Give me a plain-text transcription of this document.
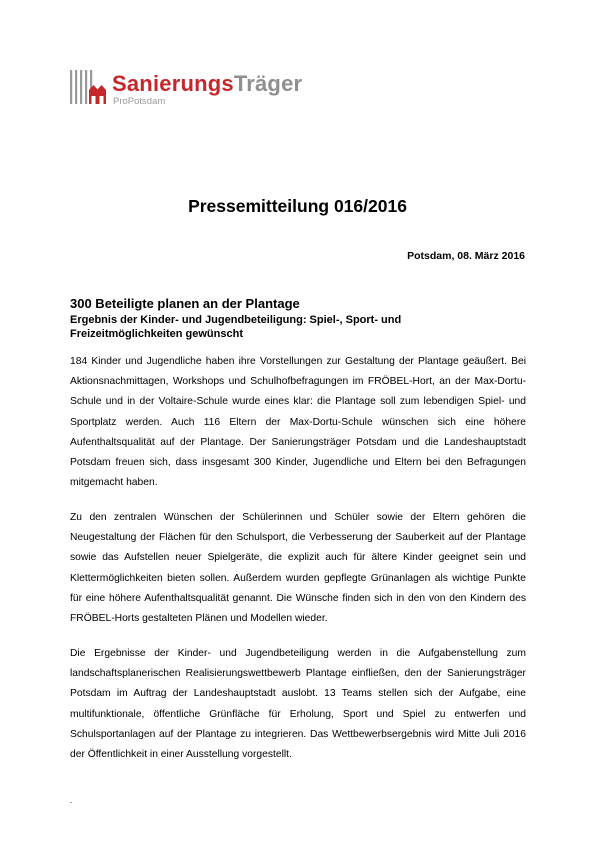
SanierungsTräger
ProPotsdam
Pressemitteilung 016/2016

Potsdam, 08. März 2016

300 Beteiligte planen an der Plantage
Ergebnis der Kinder- und Jugendbeteiligung: Spiel-, Sport- und Freizeitmöglichkeiten gewünscht

184 Kinder und Jugendliche haben ihre Vorstellungen zur Gestaltung der Plantage geäußert. Bei Aktionsnachmittagen, Workshops und Schulhofbefragungen im FRÖBEL-Hort, an der Max-Dortu-Schule und in der Voltaire-Schule wurde eines klar: die Plantage soll zum lebendigen Spiel- und Sportplatz werden. Auch 116 Eltern der Max-Dortu-Schule wünschen sich eine höhere Aufenthaltsqualität auf der Plantage. Der Sanierungsträger Potsdam und die Landeshauptstadt Potsdam freuen sich, dass insgesamt 300 Kinder, Jugendliche und Eltern bei den Befragungen mitgemacht haben.

Zu den zentralen Wünschen der Schülerinnen und Schüler sowie der Eltern gehören die Neugestaltung der Flächen für den Schulsport, die Verbesserung der Sauberkeit auf der Plantage sowie das Aufstellen neuer Spielgeräte, die explizit auch für ältere Kinder geeignet sein und Klettermöglichkeiten bieten sollen. Außerdem wurden gepflegte Grünanlagen als wichtige Punkte für eine höhere Aufenthaltsqualität genannt. Die Wünsche finden sich in den von den Kindern des FRÖBEL-Horts gestalteten Plänen und Modellen wieder.

Die Ergebnisse der Kinder- und Jugendbeteiligung werden in die Aufgabenstellung zum landschaftsplanerischen Realisierungswettbewerb Plantage einfließen, den der Sanierungsträger Potsdam im Auftrag der Landeshauptstadt auslobt. 13 Teams stellen sich der Aufgabe, eine multifunktionale, öffentliche Grünfläche für Erholung, Sport und Spiel zu entwerfen und Schulsportanlagen auf der Plantage zu integrieren. Das Wettbewerbsergebnis wird Mitte Juli 2016 der Öffentlichkeit in einer Ausstellung vorgestellt.

.
